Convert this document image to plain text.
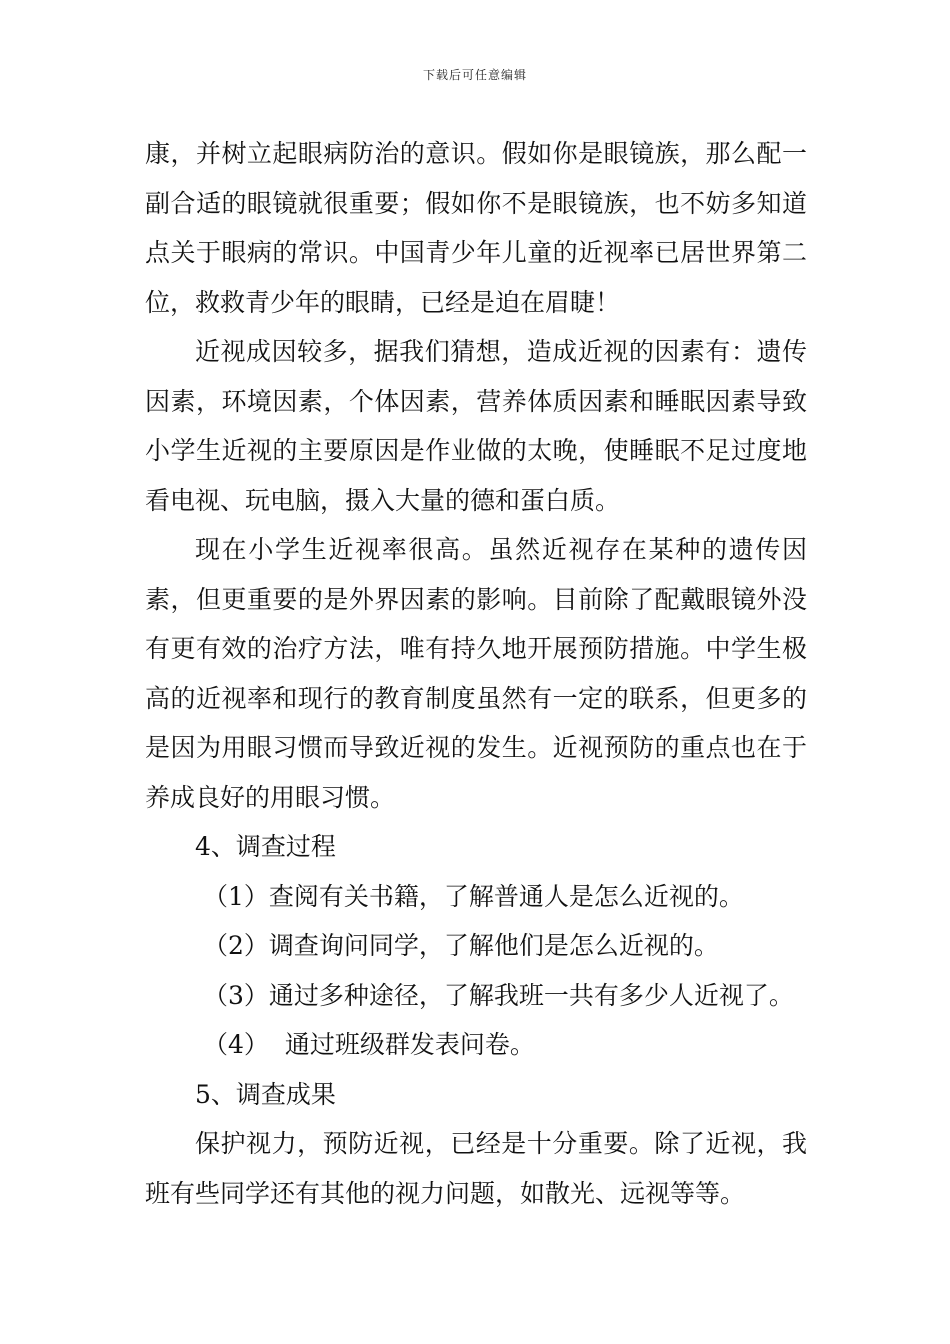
下载后可任意编辑

康，并树立起眼病防治的意识。假如你是眼镜族，那么配一副合适的眼镜就很重要；假如你不是眼镜族，也不妨多知道点关于眼病的常识。中国青少年儿童的近视率已居世界第二位，救救青少年的眼睛，已经是迫在眉睫！

近视成因较多，据我们猜想，造成近视的因素有：遗传因素，环境因素，个体因素，营养体质因素和睡眠因素导致小学生近视的主要原因是作业做的太晚，使睡眠不足过度地看电视、玩电脑，摄入大量的德和蛋白质。

现在小学生近视率很高。虽然近视存在某种的遗传因素，但更重要的是外界因素的影响。目前除了配戴眼镜外没有更有效的治疗方法，唯有持久地开展预防措施。中学生极高的近视率和现行的教育制度虽然有一定的联系，但更多的是因为用眼习惯而导致近视的发生。近视预防的重点也在于养成良好的用眼习惯。

4、调查过程

（1）查阅有关书籍，了解普通人是怎么近视的。

（2）调查询问同学，了解他们是怎么近视的。

（3）通过多种途径，了解我班一共有多少人近视了。

（4） 通过班级群发表问卷。

5、调查成果

保护视力，预防近视，已经是十分重要。除了近视，我班有些同学还有其他的视力问题，如散光、远视等等。
